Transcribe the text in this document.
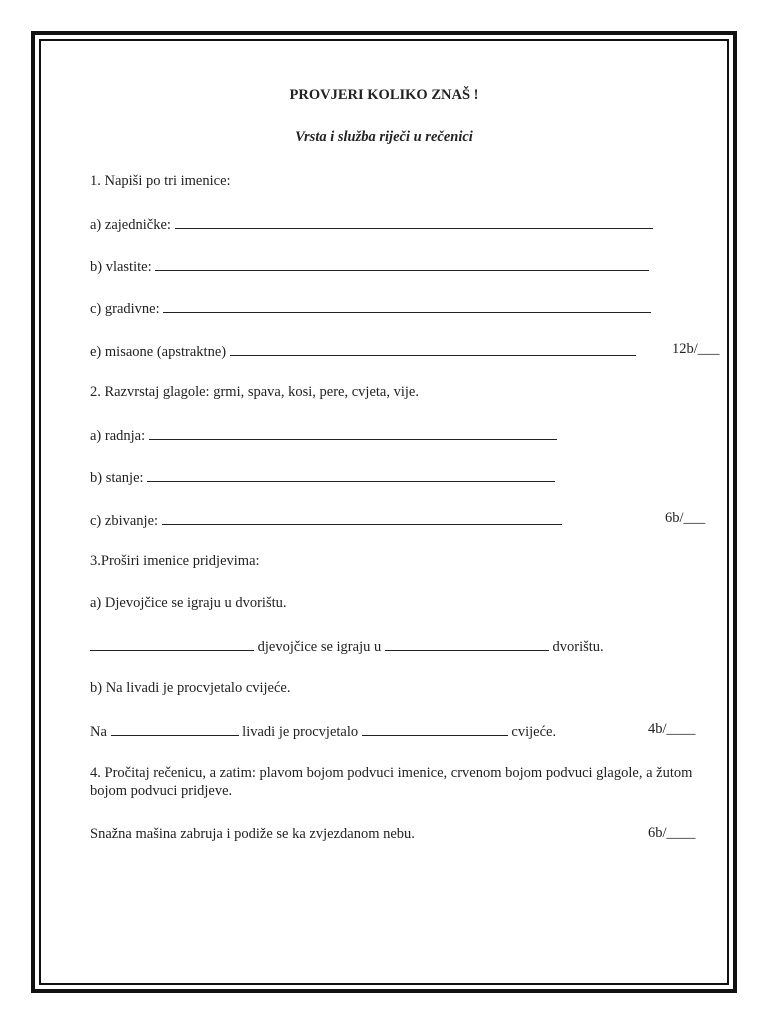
PROVJERI KOLIKO ZNAŠ !
Vrsta i služba riječi u rečenici
1. Napiši po tri imenice:
a) zajedničke:
b) vlastite:
c) gradivne:
e) misaone (apstraktne)	12b/___
2. Razvrstaj glagole: grmi, spava, kosi, pere, cvjeta, vije.
a) radnja:
b) stanje:
c) zbivanje:	6b/___
3.Proširi imenice pridjevima:
a) Djevojčice se igraju u dvorištu.
djevojčice se igraju u	dvorištu.
b) Na livadi je procvjetalo cvijeće.
Na	livadi je procvjetalo	cvijeće.	4b/____
4. Pročitaj rečenicu, a zatim: plavom bojom podvuci imenice, crvenom bojom podvuci glagole, a žutom bojom podvuci pridjeve.
Snažna mašina zabruja i podiže se ka zvjezdanom nebu.	6b/____
